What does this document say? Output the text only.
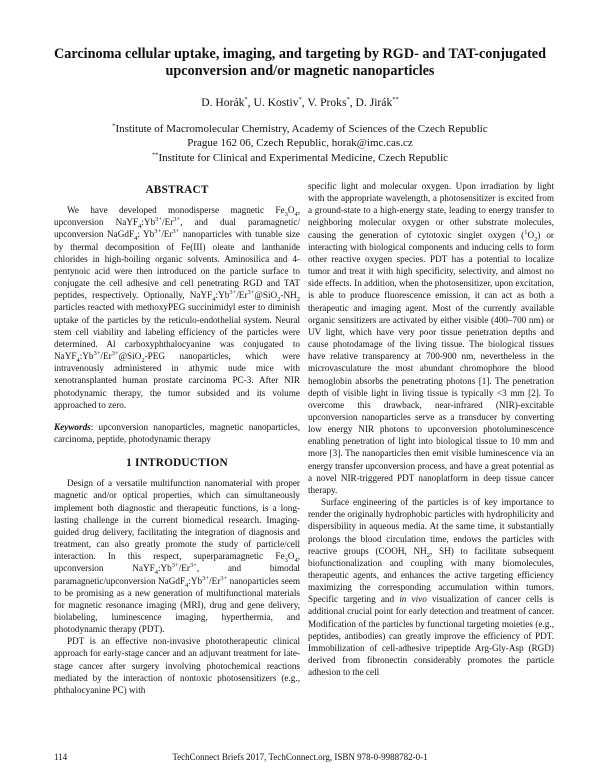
Carcinoma cellular uptake, imaging, and targeting by RGD- and TAT-conjugated upconversion and/or magnetic nanoparticles
D. Horák*, U. Kostiv*, V. Proks*, D. Jirák**
*Institute of Macromolecular Chemistry, Academy of Sciences of the Czech Republic
Prague 162 06, Czech Republic, horak@imc.cas.cz
**Institute for Clinical and Experimental Medicine, Czech Republic
ABSTRACT

We have developed monodisperse magnetic $Fe_3O_4$, upconversion $NaYF_4:Yb^{3+}/Er^{3+}$, and dual paramagnetic/ upconversion NaGdF$_4$: $Yb^{3+}/Er^{3+}$ nanoparticles with tunable size by thermal decomposition of Fe(III) oleate and lanthanide chlorides in high-boiling organic solvents. Aminosilica and 4-pentynoic acid were then introduced on the particle surface to conjugate the cell adhesive and cell penetrating RGD and TAT peptides, respectively. Optionally, $NaYF_4:Yb^{3+}/Er^{3+}@SiO_2-NH_2$ particles reacted with methoxyPEG succinimidyl ester to diminish uptake of the particles by the reticulo-endothelial system. Neural stem cell viability and labeling efficiency of the particles were determined. Al carboxyphthalocyanine was conjugated to $NaYF_4:Yb^{3+}/Er^{3+}@SiO_2$-PEG nanoparticles, which were intravenously administered in athymic nude mice with xenotransplanted human prostate carcinoma PC-3. After NIR photodynamic therapy, the tumor subsided and its volume approached to zero.

Keywords: upconversion nanoparticles, magnetic nanoparticles, carcinoma, peptide, photodynamic therapy

1 INTRODUCTION

Design of a versatile multifunction nanomaterial with proper magnetic and/or optical properties, which can simultaneously implement both diagnostic and therapeutic functions, is a long-lasting challenge in the current biomedical research. Imaging-guided drug delivery, facilitating the integration of diagnosis and treatment, can also greatly promote the study of particle/cell interaction. In this respect, superparamagnetic $Fe_3O_4$, upconversion $NaYF_4:Yb^{3+}/Er^{3+}$, and bimodal paramagnetic/upconversion $NaGdF_4:Yb^{3+}/Er^{3+}$ nanoparticles seem to be promising as a new generation of multifunctional materials for magnetic resonance imaging (MRI), drug and gene delivery, biolabeling, luminescence imaging, hyperthermia, and photodynamic therapy (PDT).

PDT is an effective non-invasive phototherapeutic clinical approach for early-stage cancer and an adjuvant treatment for late-stage cancer after surgery involving photochemical reactions mediated by the interaction of nontoxic photosensitizers (e.g., phthalocyanine PC) with

specific light and molecular oxygen. Upon irradiation by light with the appropriate wavelength, a photosensitizer is excited from a ground-state to a high-energy state, leading to energy transfer to neighboring molecular oxygen or other substrate molecules, causing the generation of cytotoxic singlet oxygen $(^1O_2)$ or interacting with biological components and inducing cells to form other reactive oxygen species. PDT has a potential to localize tumor and treat it with high specificity, selectivity, and almost no side effects. In addition, when the photosensitizer, upon excitation, is able to produce fluorescence emission, it can act as both a therapeutic and imaging agent. Most of the currently available organic sensitizers are activated by either visible (400–700 nm) or UV light, which have very poor tissue penetration depths and cause photodamage of the living tissue. The biological tissues have relative transparency at 700-900 nm, nevertheless in the microvasculature the most abundant chromophore the blood hemoglobin absorbs the penetrating photons [1]. The penetration depth of visible light in living tissue is typically <3 mm [2]. To overcome this drawback, near-infrared (NIR)-excitable upconversion nanoparticles serve as a transducer by converting low energy NIR photons to upconversion photoluminescence enabling penetration of light into biological tissue to 10 mm and more [3]. The nanoparticles then emit visible luminescence via an energy transfer upconversion process, and have a great potential as a novel NIR-triggered PDT nanoplatform in deep tissue cancer therapy.

Surface engineering of the particles is of key importance to render the originally hydrophobic particles with hydrophilicity and dispersibility in aqueous media. At the same time, it substantially prolongs the blood circulation time, endows the particles with reactive groups (COOH, $NH_2$, SH) to facilitate subsequent biofunctionalization and coupling with many biomolecules, therapeutic agents, and enhances the active targeting efficiency maximizing the corresponding accumulation within tumors. Specific targeting and in vivo visualization of cancer cells is additional crucial point for early detection and treatment of cancer. Modification of the particles by functional targeting moieties (e.g., peptides, antibodies) can greatly improve the efficiency of PDT. Immobilization of cell-adhesive tripeptide Arg-Gly-Asp (RGD) derived from fibronectin considerably promotes the particle adhesion to the cell

114	TechConnect Briefs 2017, TechConnect.org, ISBN 978-0-9988782-0-1
